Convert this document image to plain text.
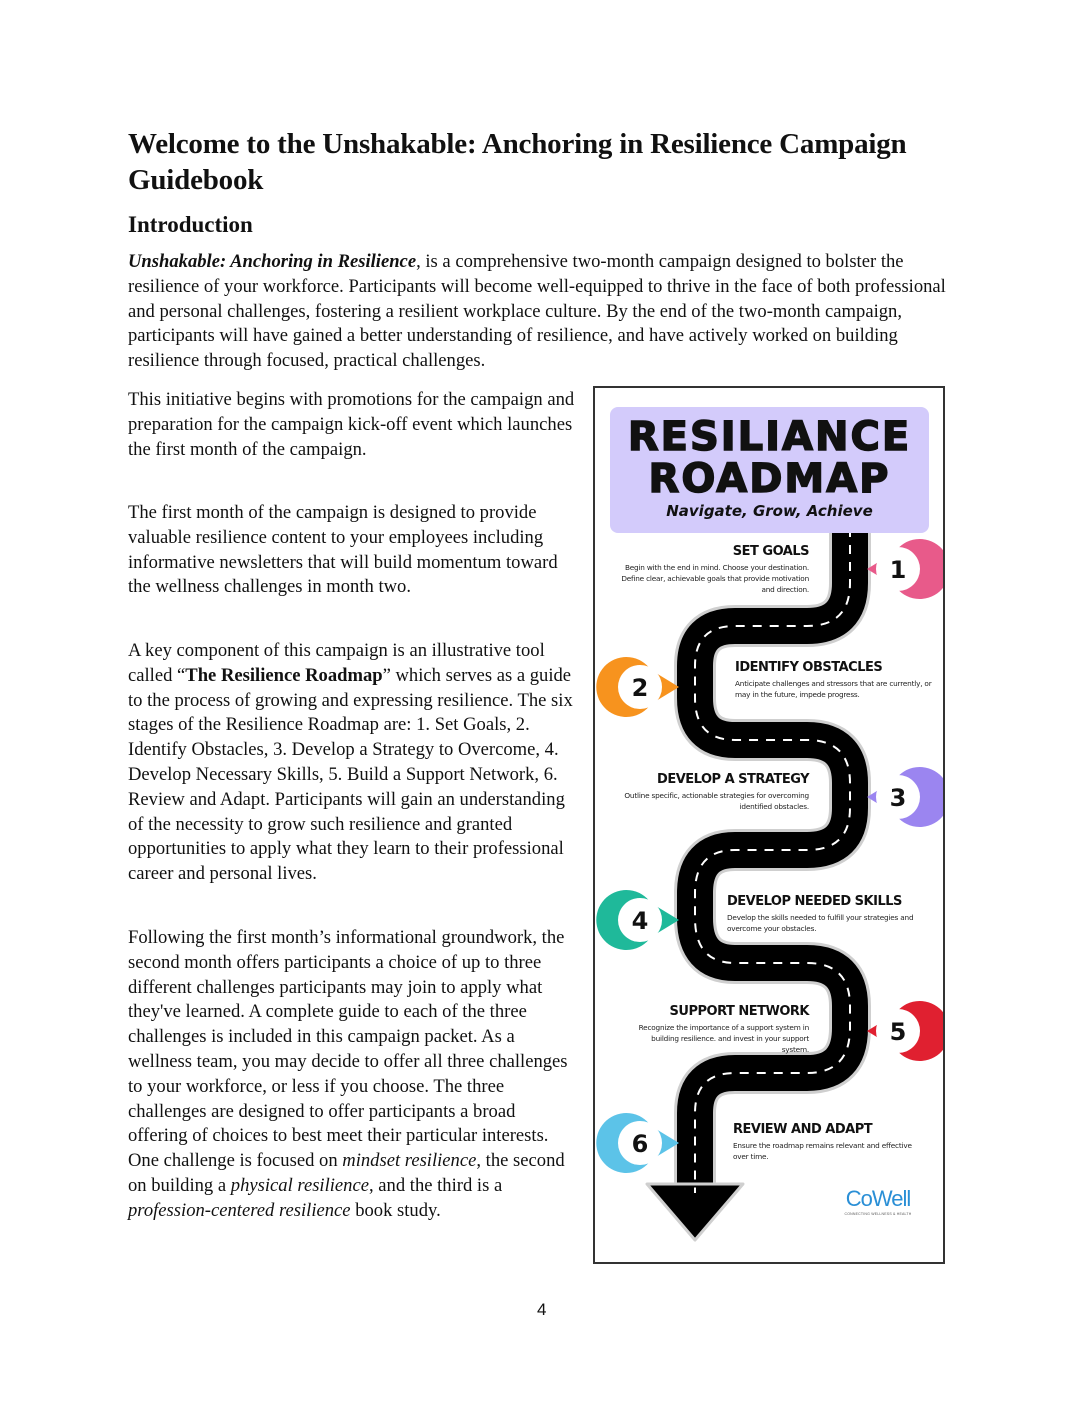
Welcome to the Unshakable: Anchoring in Resilience Campaign Guidebook
Introduction

Unshakable: Anchoring in Resilience, is a comprehensive two-month campaign designed to bolster the resilience of your workforce. Participants will become well-equipped to thrive in the face of both professional and personal challenges, fostering a resilient workplace culture. By the end of the two-month campaign, participants will have gained a better understanding of resilience, and have actively worked on building resilience through focused, practical challenges.

This initiative begins with promotions for the campaign and preparation for the campaign kick-off event which launches the first month of the campaign.

The first month of the campaign is designed to provide valuable resilience content to your employees including informative newsletters that will build momentum toward the wellness challenges in month two.

A key component of this campaign is an illustrative tool called “The Resilience Roadmap” which serves as a guide to the process of growing and expressing resilience. The six stages of the Resilience Roadmap are: 1. Set Goals, 2. Identify Obstacles, 3. Develop a Strategy to Overcome, 4. Develop Necessary Skills, 5. Build a Support Network, 6. Review and Adapt. Participants will gain an understanding of the necessity to grow such resilience and granted opportunities to apply what they learn to their professional career and personal lives.

Following the first month’s informational groundwork, the second month offers participants a choice of up to three different challenges participants may join to apply what they've learned. A complete guide to each of the three challenges is included in this campaign packet. As a wellness team, you may decide to offer all three challenges to your workforce, or less if you choose. The three challenges are designed to offer participants a broad offering of choices to best meet their particular interests. One challenge is focused on mindset resilience, the second on building a physical resilience, and the third is a profession-centered resilience book study.

1
2
3
4
5
6
RESILIANCE
ROADMAP
Navigate, Grow, Achieve
SET GOALS
Begin with the end in mind. Choose your destination. Define clear, achievable goals that provide motivation and direction.
IDENTIFY OBSTACLES
Anticipate challenges and stressors that are currently, or may in the future, impede progress.
DEVELOP A STRATEGY
Outline specific, actionable strategies for overcoming identified obstacles.
DEVELOP NEEDED SKILLS
Develop the skills needed to fulfill your strategies and overcome your obstacles.
SUPPORT NETWORK
Recognize the importance of a support system in building resilience. and invest in your support system.
REVIEW AND ADAPT
Ensure the roadmap remains relevant and effective over time.
CoWell
CONNECTING WELLNESS & HEALTH
4
